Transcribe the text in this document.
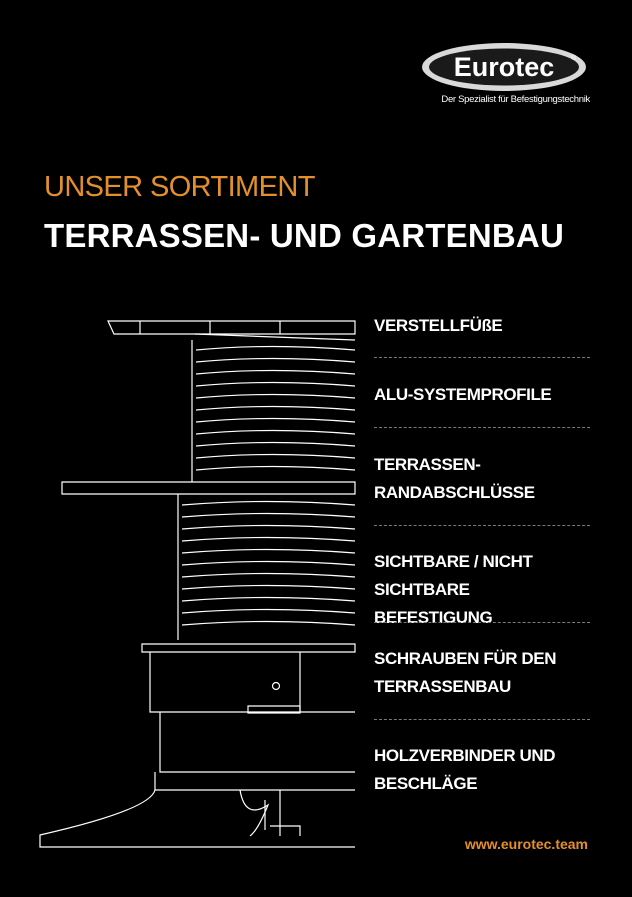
Eurotec ®
Der Spezialist für Befestigungstechnik
UNSER SORTIMENT
TERRASSEN- UND GARTENBAU
VERSTELLFÜßE
ALU-SYSTEMPROFILE
TERRASSEN-
RANDABSCHLÜSSE
SICHTBARE / NICHT
SICHTBARE BEFESTIGUNG
SCHRAUBEN FÜR DEN
TERRASSENBAU
HOLZVERBINDER UND
BESCHLÄGE
www.eurotec.team
